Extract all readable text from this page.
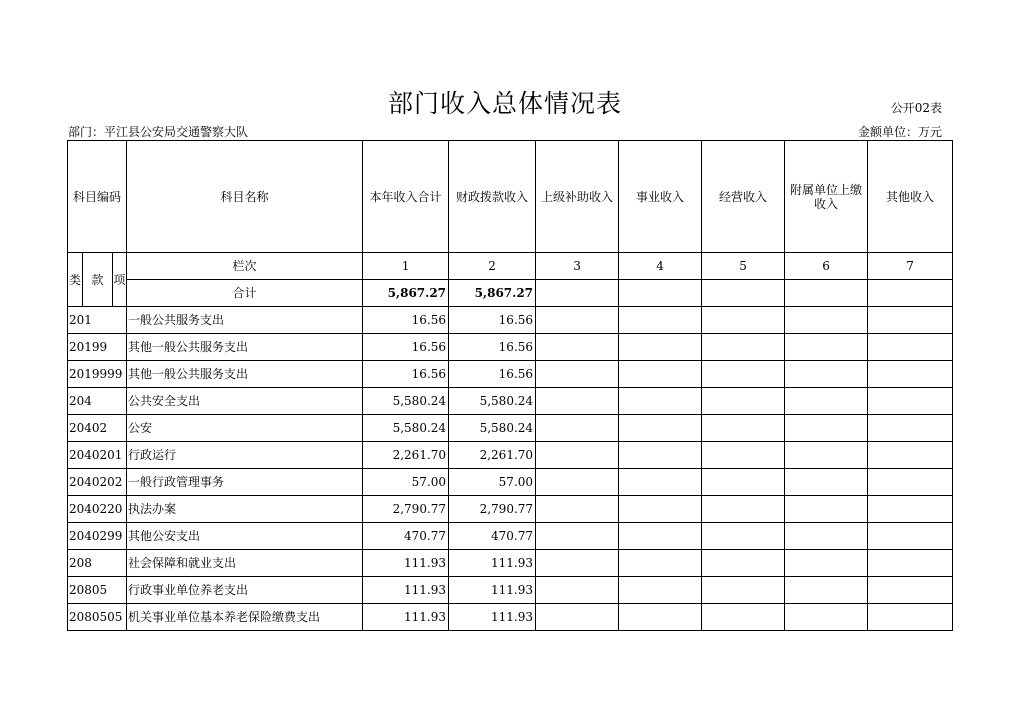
部门收入总体情况表	公开02表
部门：平江县公安局交通警察大队	金额单位：万元
科目编码			科目名称	本年收入合计	财政拨款收入	上级补助收入	事业收入	经营收入	附属单位上缴收入	其他收入
类	款	项	栏次	1	2	3	4	5	6	7
			合计	5,867.27	5,867.27					
201			一般公共服务支出	16.56	16.56					
20199			其他一般公共服务支出	16.56	16.56					
2019999			其他一般公共服务支出	16.56	16.56					
204			公共安全支出	5,580.24	5,580.24					
20402			公安	5,580.24	5,580.24					
2040201			行政运行	2,261.70	2,261.70					
2040202			一般行政管理事务	57.00	57.00					
2040220			执法办案	2,790.77	2,790.77					
2040299			其他公安支出	470.77	470.77					
208			社会保障和就业支出	111.93	111.93					
20805			行政事业单位养老支出	111.93	111.93					
2080505			机关事业单位基本养老保险缴费支出	111.93	111.93					
